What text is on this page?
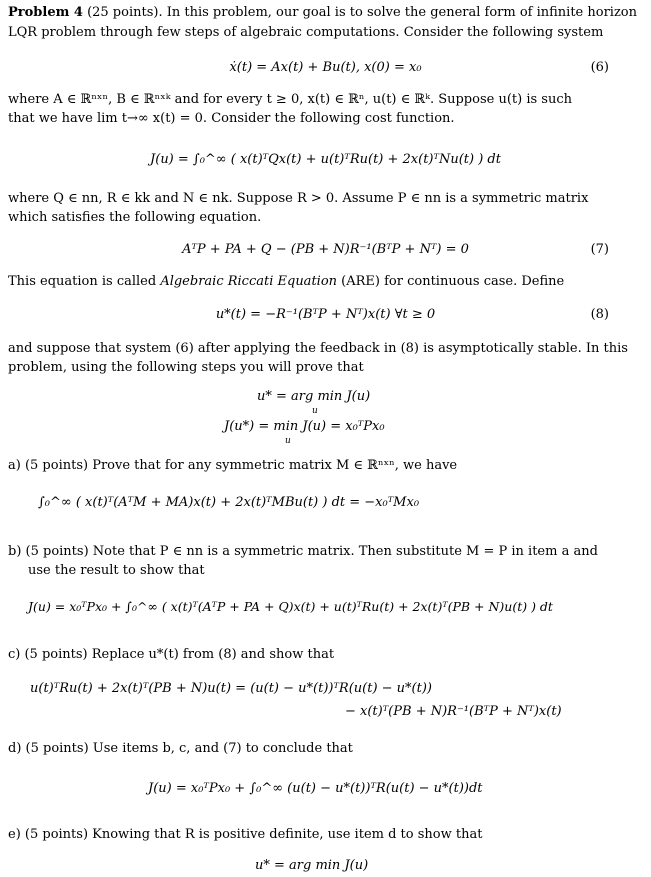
Problem 4 (25 points). In this problem, our goal is to solve the general form of infinite horizon
LQR problem through few steps of algebraic computations. Consider the following system
ẋ(t) = Ax(t) + Bu(t), x(0) = x₀	(6)
where A ∈ ℝⁿˣⁿ, B ∈ ℝⁿˣᵏ and for every t ≥ 0, x(t) ∈ ℝⁿ, u(t) ∈ ℝᵏ. Suppose u(t) is such
that we have lim t→∞ x(t) = 0. Consider the following cost function.
J(u) = ∫₀^∞ ( x(t)ᵀQx(t) + u(t)ᵀRu(t) + 2x(t)ᵀNu(t) ) dt
where Q ∈ nn, R ∈ kk and N ∈ nk. Suppose R > 0. Assume P ∈ nn is a symmetric matrix
which satisfies the following equation.
AᵀP + PA + Q − (PB + N)R⁻¹(BᵀP + Nᵀ) = 0	(7)
This equation is called Algebraic Riccati Equation (ARE) for continuous case. Define
u*(t) = −R⁻¹(BᵀP + Nᵀ)x(t) ∀t ≥ 0	(8)
and suppose that system (6) after applying the feedback in (8) is asymptotically stable. In this
problem, using the following steps you will prove that
u* = arg min J(u)
u
J(u*) = min J(u) = x₀ᵀPx₀
u
a) (5 points) Prove that for any symmetric matrix M ∈ ℝⁿˣⁿ, we have
∫₀^∞ ( x(t)ᵀ(AᵀM + MA)x(t) + 2x(t)ᵀMBu(t) ) dt = −x₀ᵀMx₀
b) (5 points) Note that P ∈ nn is a symmetric matrix. Then substitute M = P in item a and
use the result to show that
J(u) = x₀ᵀPx₀ + ∫₀^∞ ( x(t)ᵀ(AᵀP + PA + Q)x(t) + u(t)ᵀRu(t) + 2x(t)ᵀ(PB + N)u(t) ) dt
c) (5 points) Replace u*(t) from (8) and show that
u(t)ᵀRu(t) + 2x(t)ᵀ(PB + N)u(t) = (u(t) − u*(t))ᵀR(u(t) − u*(t))
− x(t)ᵀ(PB + N)R⁻¹(BᵀP + Nᵀ)x(t)
d) (5 points) Use items b, c, and (7) to conclude that
J(u) = x₀ᵀPx₀ + ∫₀^∞ (u(t) − u*(t))ᵀR(u(t) − u*(t))dt
e) (5 points) Knowing that R is positive definite, use item d to show that
u* = arg min J(u)
